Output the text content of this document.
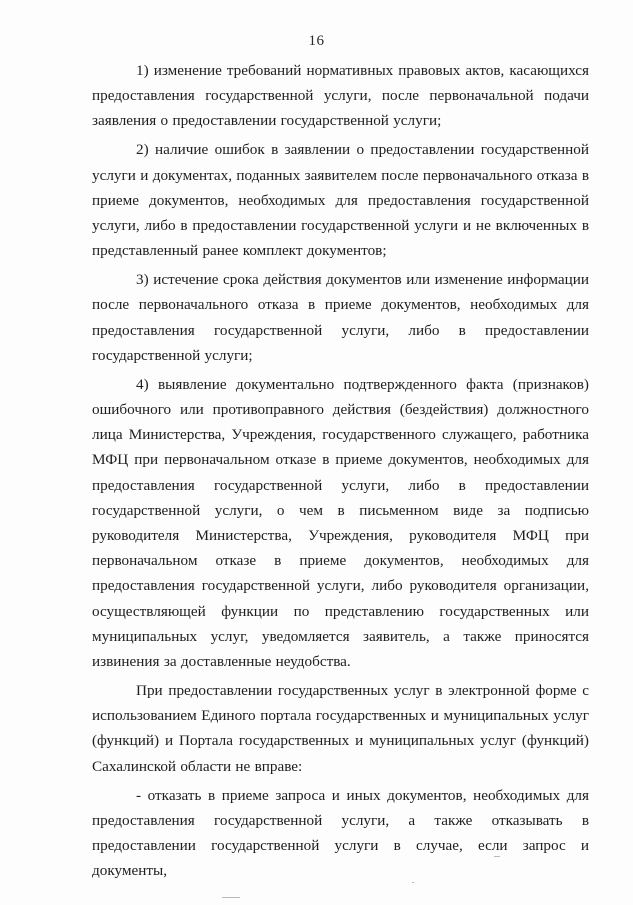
16

1) изменение требований нормативных правовых актов, касающихся предоставления государственной услуги, после первоначальной подачи заявления о предоставлении государственной услуги;

2) наличие ошибок в заявлении о предоставлении государственной услуги и документах, поданных заявителем после первоначального отказа в приеме документов, необходимых для предоставления государственной услуги, либо в предоставлении государственной услуги и не включенных в представленный ранее комплект документов;

3) истечение срока действия документов или изменение информации после первоначального отказа в приеме документов, необходимых для предоставления государственной услуги, либо в предоставлении государственной услуги;

4) выявление документально подтвержденного факта (признаков) ошибочного или противоправного действия (бездействия) должностного лица Министерства, Учреждения, государственного служащего, работника МФЦ при первоначальном отказе в приеме документов, необходимых для предоставления государственной услуги, либо в предоставлении государственной услуги, о чем в письменном виде за подписью руководителя Министерства, Учреждения, руководителя МФЦ при первоначальном отказе в приеме документов, необходимых для предоставления государственной услуги, либо руководителя организации, осуществляющей функции по представлению государственных или муниципальных услуг, уведомляется заявитель, а также приносятся извинения за доставленные неудобства.

При предоставлении государственных услуг в электронной форме с использованием Единого портала государственных и муниципальных услуг (функций) и Портала государственных и муниципальных услуг (функций) Сахалинской области не вправе:

- отказать в приеме запроса и иных документов, необходимых для предоставления государственной услуги, а также отказывать в предоставлении государственной услуги в случае, если запрос и документы,
